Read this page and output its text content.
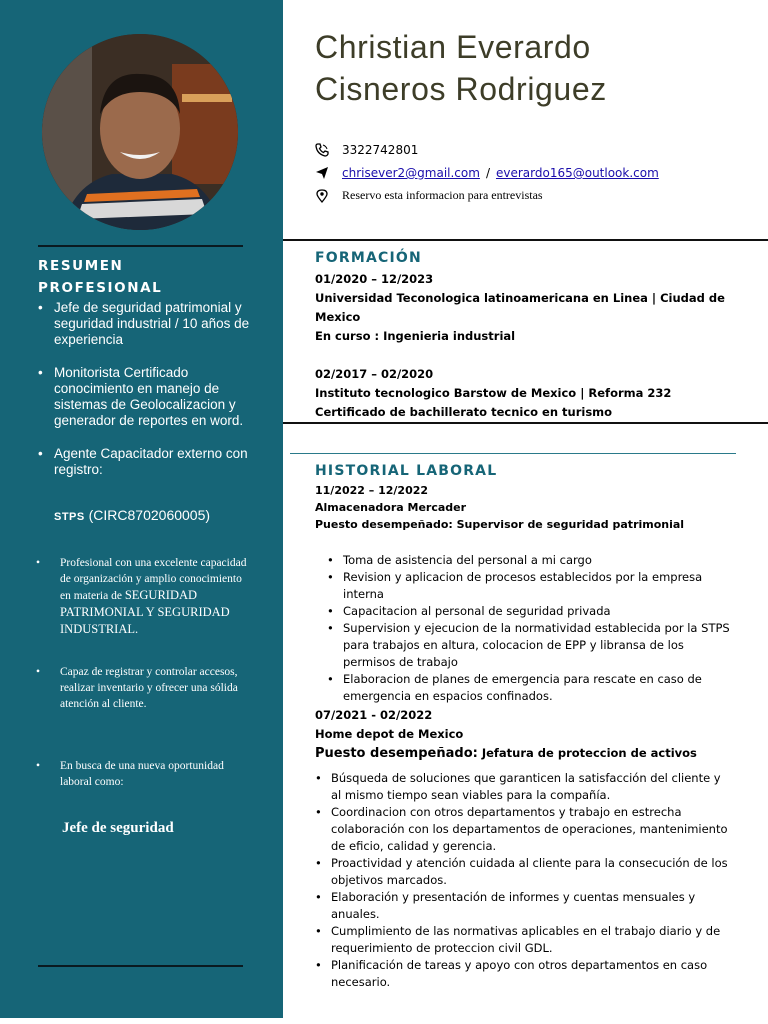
RESUMEN
PROFESIONAL
• Jefe de seguridad patrimonial y seguridad industrial / 10 años de experiencia
• Monitorista Certificado conocimiento en manejo de sistemas de Geolocalizacion y generador de reportes en word.
• Agente Capacitador externo con registro:
STPS (CIRC8702060005)
• Profesional con una excelente capacidad de organización y amplio conocimiento en materia de SEGURIDAD PATRIMONIAL Y SEGURIDAD INDUSTRIAL.
• Capaz de registrar y controlar accesos, realizar inventario y ofrecer una sólida atención al cliente.
• En busca de una nueva oportunidad laboral como:
Jefe de seguridad
Christian Everardo
Cisneros Rodriguez
3322742801
chrisever2@gmail.com / everardo165@outlook.com
Reservo esta informacion para entrevistas
FORMACIÓN
01/2020 – 12/2023
Universidad Teconologica latinoamericana en Linea | Ciudad de Mexico
En curso : Ingenieria industrial
02/2017 – 02/2020
Instituto tecnologico Barstow de Mexico | Reforma 232
Certificado de bachillerato tecnico en turismo
HISTORIAL LABORAL
11/2022 – 12/2022
Almacenadora Mercader
Puesto desempeñado: Supervisor de seguridad patrimonial
• Toma de asistencia del personal a mi cargo
• Revision y aplicacion de procesos establecidos por la empresa interna
• Capacitacion al personal de seguridad privada
• Supervision y ejecucion de la normatividad establecida por la STPS para trabajos en altura, colocacion de EPP y libransa de los permisos de trabajo
• Elaboracion de planes de emergencia para rescate en caso de emergencia en espacios confinados.
07/2021 - 02/2022
Home depot de Mexico
Puesto desempeñado: Jefatura de proteccion de activos
• Búsqueda de soluciones que garanticen la satisfacción del cliente y al mismo tiempo sean viables para la compañía.
• Coordinacion con otros departamentos y trabajo en estrecha colaboración con los departamentos de operaciones, mantenimiento de eficio, calidad y gerencia.
• Proactividad y atención cuidada al cliente para la consecución de los objetivos marcados.
• Elaboración y presentación de informes y cuentas mensuales y anuales.
• Cumplimiento de las normativas aplicables en el trabajo diario y de requerimiento de proteccion civil GDL.
• Planificación de tareas y apoyo con otros departamentos en caso necesario.
